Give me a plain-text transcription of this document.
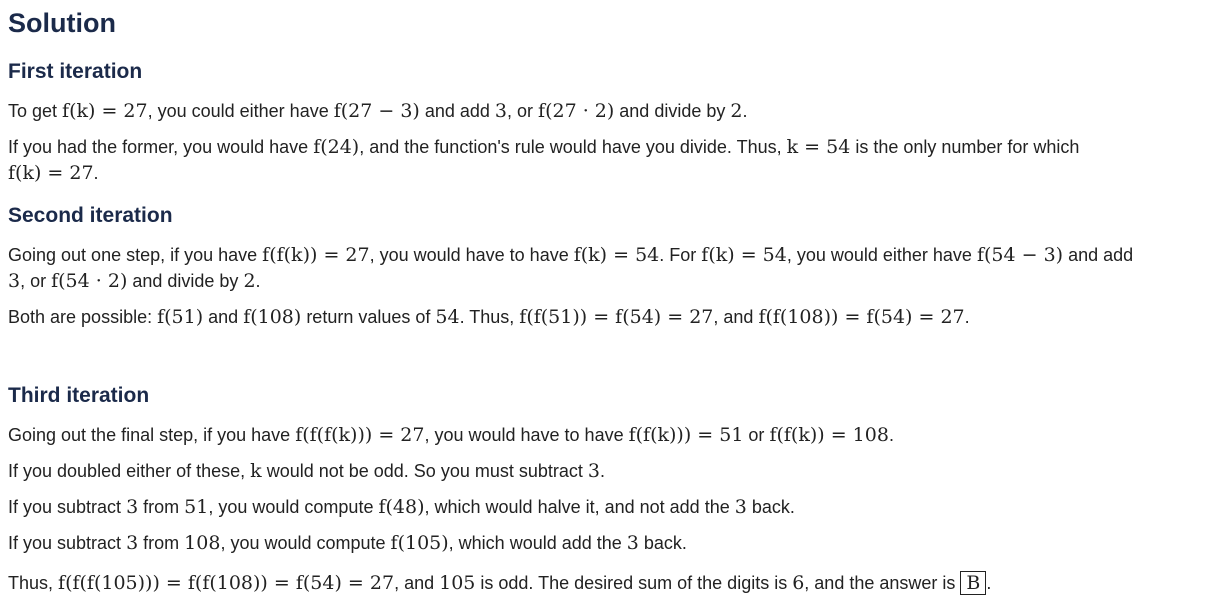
Solution
First iteration
To get f(k) = 27, you could either have f(27 − 3) and add 3, or f(27 · 2) and divide by 2.
If you had the former, you would have f(24), and the function's rule would have you divide. Thus, k = 54 is the only number for which
f(k) = 27.
Second iteration
Going out one step, if you have f(f(k)) = 27, you would have to have f(k) = 54. For f(k) = 54, you would either have f(54 − 3) and add
3, or f(54 · 2) and divide by 2.
Both are possible: f(51) and f(108) return values of 54. Thus, f(f(51)) = f(54) = 27, and f(f(108)) = f(54) = 27.
Third iteration
Going out the final step, if you have f(f(f(k))) = 27, you would have to have f(f(k))) = 51 or f(f(k)) = 108.
If you doubled either of these, k would not be odd. So you must subtract 3.
If you subtract 3 from 51, you would compute f(48), which would halve it, and not add the 3 back.
If you subtract 3 from 108, you would compute f(105), which would add the 3 back.
Thus, f(f(f(105))) = f(f(108)) = f(54) = 27, and 105 is odd. The desired sum of the digits is 6, and the answer is B .
